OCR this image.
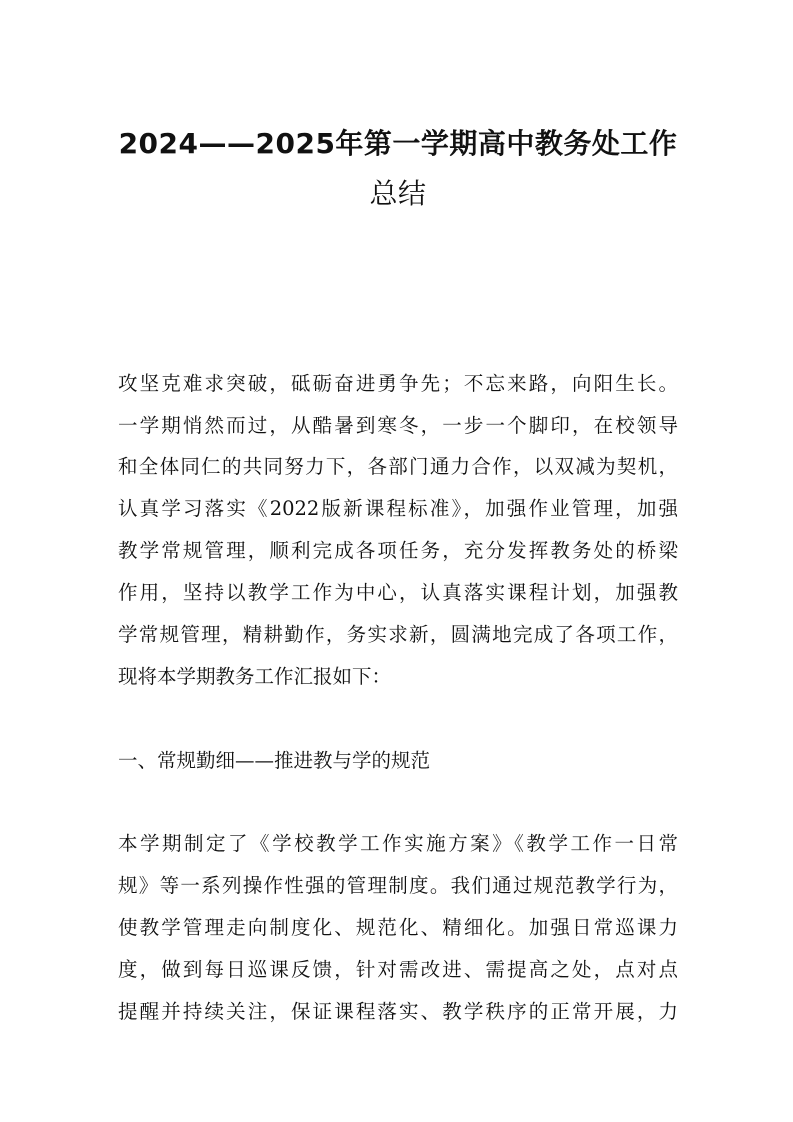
2024——2025年第一学期高中教务处工作
总结
攻坚克难求突破，砥砺奋进勇争先；不忘来路，向阳生长。
一学期悄然而过，从酷暑到寒冬，一步一个脚印，在校领导
和全体同仁的共同努力下，各部门通力合作，以双减为契机，
认真学习落实《2022版新课程标准》，加强作业管理，加强
教学常规管理，顺利完成各项任务，充分发挥教务处的桥梁
作用，坚持以教学工作为中心，认真落实课程计划，加强教
学常规管理，精耕勤作，务实求新，圆满地完成了各项工作，
现将本学期教务工作汇报如下：
一、常规勤细——推进教与学的规范
本学期制定了《学校教学工作实施方案》《教学工作一日常
规》等一系列操作性强的管理制度。我们通过规范教学行为，
使教学管理走向制度化、规范化、精细化。加强日常巡课力
度，做到每日巡课反馈，针对需改进、需提高之处，点对点
提醒并持续关注，保证课程落实、教学秩序的正常开展，力
